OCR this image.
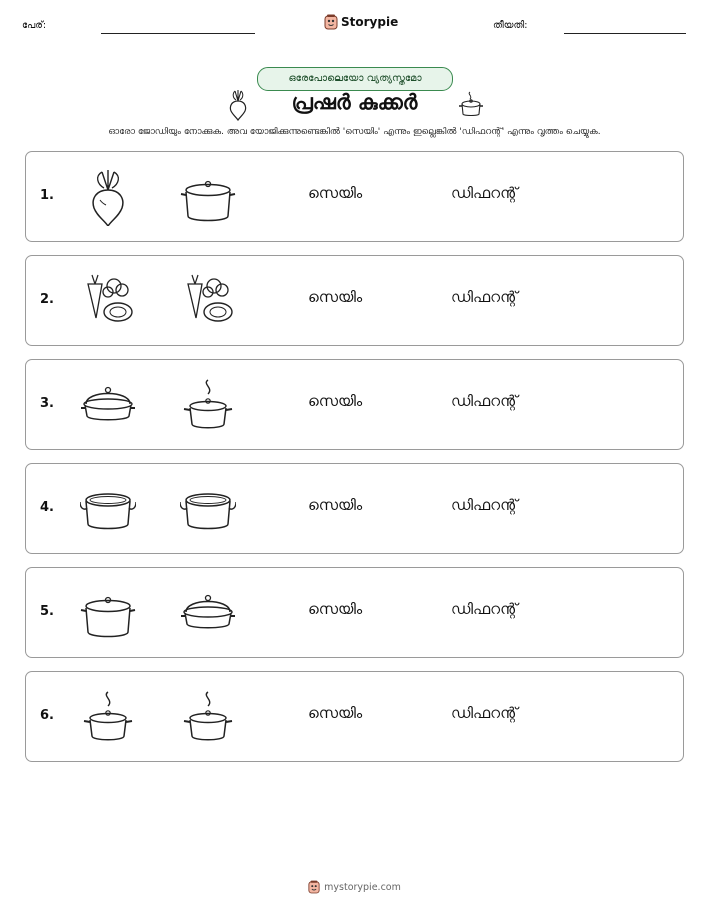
പേര്:	Storypie	തീയതി:
ഒരേപോലെയോ വ്യത്യസ്തമോ
പ്രഷർ കുക്കർ
ഓരോ ജോഡിയും നോക്കുക. അവ യോജിക്കുന്നുണ്ടെങ്കിൽ 'സെയിം' എന്നും ഇല്ലെങ്കിൽ 'ഡിഫറന്റ്' എന്നും വൃത്തം ചെയ്യുക.
1.	സെയിം	ഡിഫറന്റ്
2.	സെയിം	ഡിഫറന്റ്
3.	സെയിം	ഡിഫറന്റ്
4.	സെയിം	ഡിഫറന്റ്
5.	സെയിം	ഡിഫറന്റ്
6.	സെയിം	ഡിഫറന്റ്
mystorypie.com
